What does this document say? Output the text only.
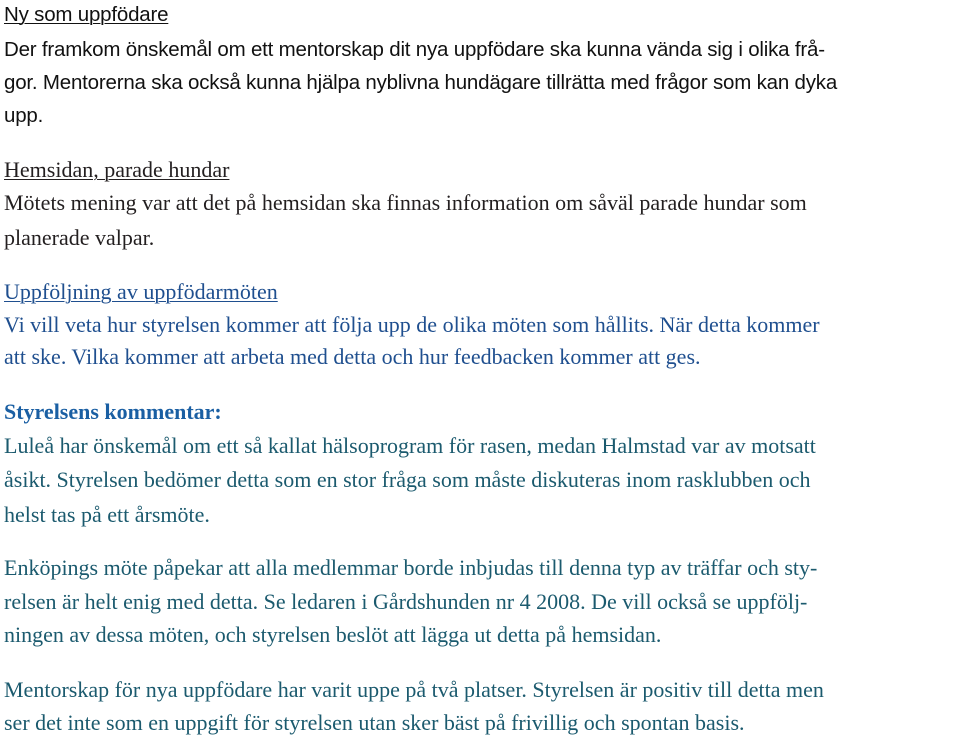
Ny som uppfödare
Der framkom önskemål om ett mentorskap dit nya uppfödare ska kunna vända sig i olika frå-
gor. Mentorerna ska också kunna hjälpa nyblivna hundägare tillrätta med frågor som kan dyka
upp.
Hemsidan, parade hundar
Mötets mening var att det på hemsidan ska finnas information om såväl parade hundar som
planerade valpar.
Uppföljning av uppfödarmöten
Vi vill veta hur styrelsen kommer att följa upp de olika möten som hållits. När detta kommer
att ske. Vilka kommer att arbeta med detta och hur feedbacken kommer att ges.
Styrelsens kommentar:
Luleå har önskemål om ett så kallat hälsoprogram för rasen, medan Halmstad var av motsatt
åsikt. Styrelsen bedömer detta som en stor fråga som måste diskuteras inom rasklubben och
helst tas på ett årsmöte.
Enköpings möte påpekar att alla medlemmar borde inbjudas till denna typ av träffar och sty-
relsen är helt enig med detta. Se ledaren i Gårdshunden nr 4 2008. De vill också se uppfölj-
ningen av dessa möten, och styrelsen beslöt att lägga ut detta på hemsidan.
Mentorskap för nya uppfödare har varit uppe på två platser. Styrelsen är positiv till detta men
ser det inte som en uppgift för styrelsen utan sker bäst på frivillig och spontan basis.
